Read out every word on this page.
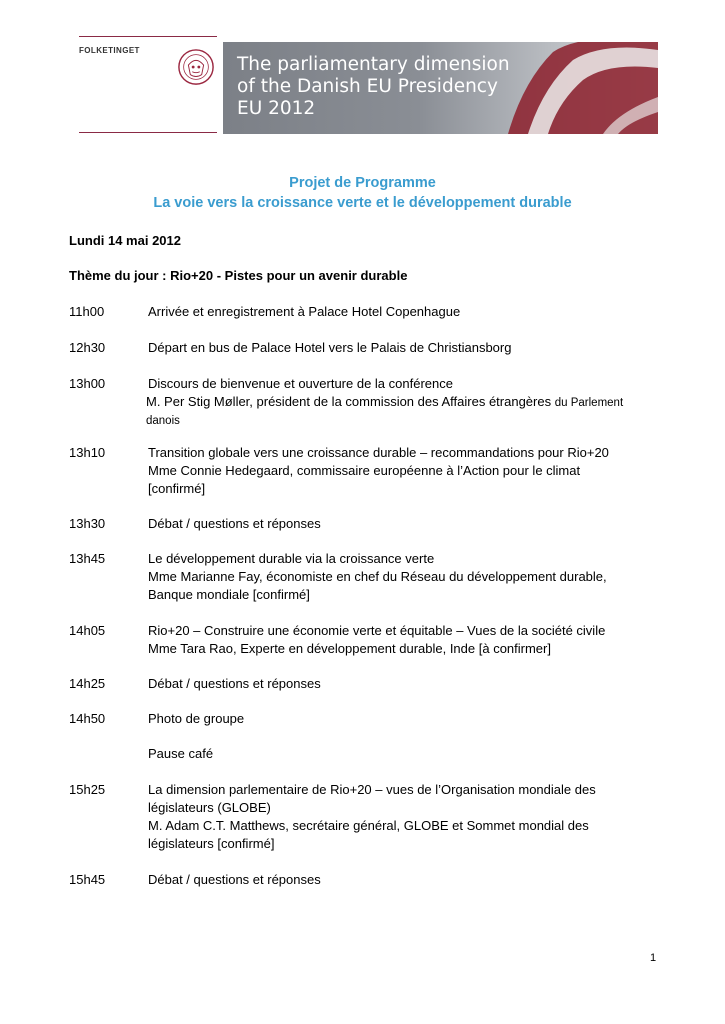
FOLKETINGET
The parliamentary dimension
of the Danish EU Presidency
EU 2012
Projet de Programme
La voie vers la croissance verte et le développement durable
Lundi 14 mai 2012
Thème du jour : Rio+20 - Pistes pour un avenir durable
11h00	Arrivée et enregistrement à Palace Hotel Copenhague
12h30	Départ en bus de Palace Hotel vers le Palais de Christiansborg
13h00	Discours de bienvenue et ouverture de la conférence
M. Per Stig Møller, président de la commission des Affaires étrangères du Parlement
danois
13h10	Transition globale vers une croissance durable – recommandations pour Rio+20
Mme Connie Hedegaard, commissaire européenne à l’Action pour le climat
[confirmé]
13h30	Débat / questions et réponses
13h45	Le développement durable via la croissance verte
Mme Marianne Fay, économiste en chef du Réseau du développement durable,
Banque mondiale [confirmé]
14h05	Rio+20 – Construire une économie verte et équitable – Vues de la société civile
Mme Tara Rao, Experte en développement durable, Inde [à confirmer]
14h25	Débat / questions et réponses
14h50	Photo de groupe
Pause café
15h25	La dimension parlementaire de Rio+20 – vues de l’Organisation mondiale des
législateurs (GLOBE)
M. Adam C.T. Matthews, secrétaire général, GLOBE et Sommet mondial des
législateurs [confirmé]
15h45	Débat / questions et réponses
1
